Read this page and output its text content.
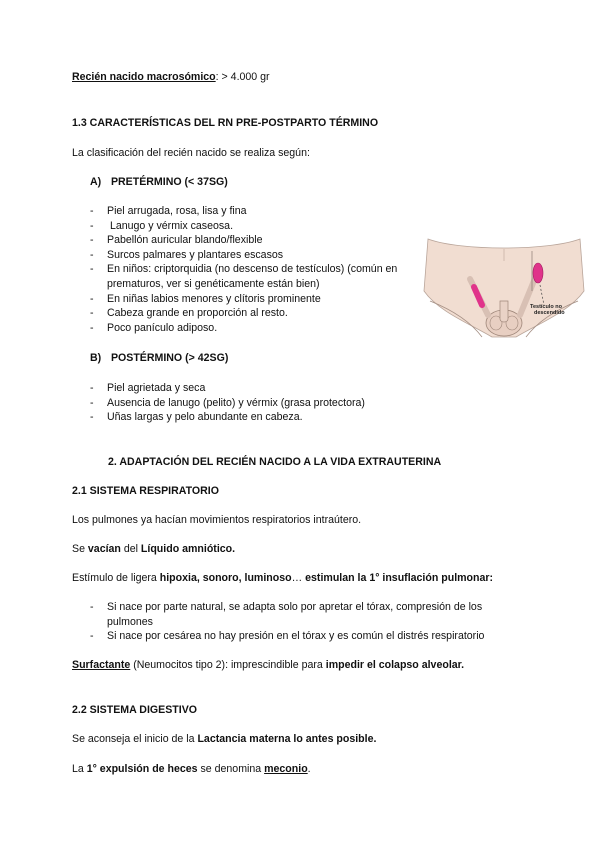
Recién nacido macrosómico: > 4.000 gr
1.3 CARACTERÍSTICAS DEL RN PRE-POSTPARTO TÉRMINO
La clasificación del recién nacido se realiza según:
A) PRETÉRMINO (< 37SG)
- Piel arrugada, rosa, lisa y fina
- Lanugo y vérmix caseosa.
- Pabellón auricular blando/flexible
- Surcos palmares y plantares escasos
- En niños: criptorquidia (no descenso de testículos) (común en
prematuros, ver si genéticamente están bien)
- En niñas labios menores y clítoris prominente
- Cabeza grande en proporción al resto.
- Poco panículo adiposo.
Testículo no
descendido
B) POSTÉRMINO (> 42SG)
- Piel agrietada y seca
- Ausencia de lanugo (pelito) y vérmix (grasa protectora)
- Uñas largas y pelo abundante en cabeza.
2. ADAPTACIÓN DEL RECIÉN NACIDO A LA VIDA EXTRAUTERINA
2.1 SISTEMA RESPIRATORIO
Los pulmones ya hacían movimientos respiratorios intraútero.
Se vacían del Líquido amniótico.
Estímulo de ligera hipoxia, sonoro, luminoso… estimulan la 1° insuflación pulmonar:
- Si nace por parte natural, se adapta solo por apretar el tórax, compresión de los
pulmones
- Si nace por cesárea no hay presión en el tórax y es común el distrés respiratorio
Surfactante (Neumocitos tipo 2): imprescindible para impedir el colapso alveolar.
2.2 SISTEMA DIGESTIVO
Se aconseja el inicio de la Lactancia materna lo antes posible.
La 1° expulsión de heces se denomina meconio.
